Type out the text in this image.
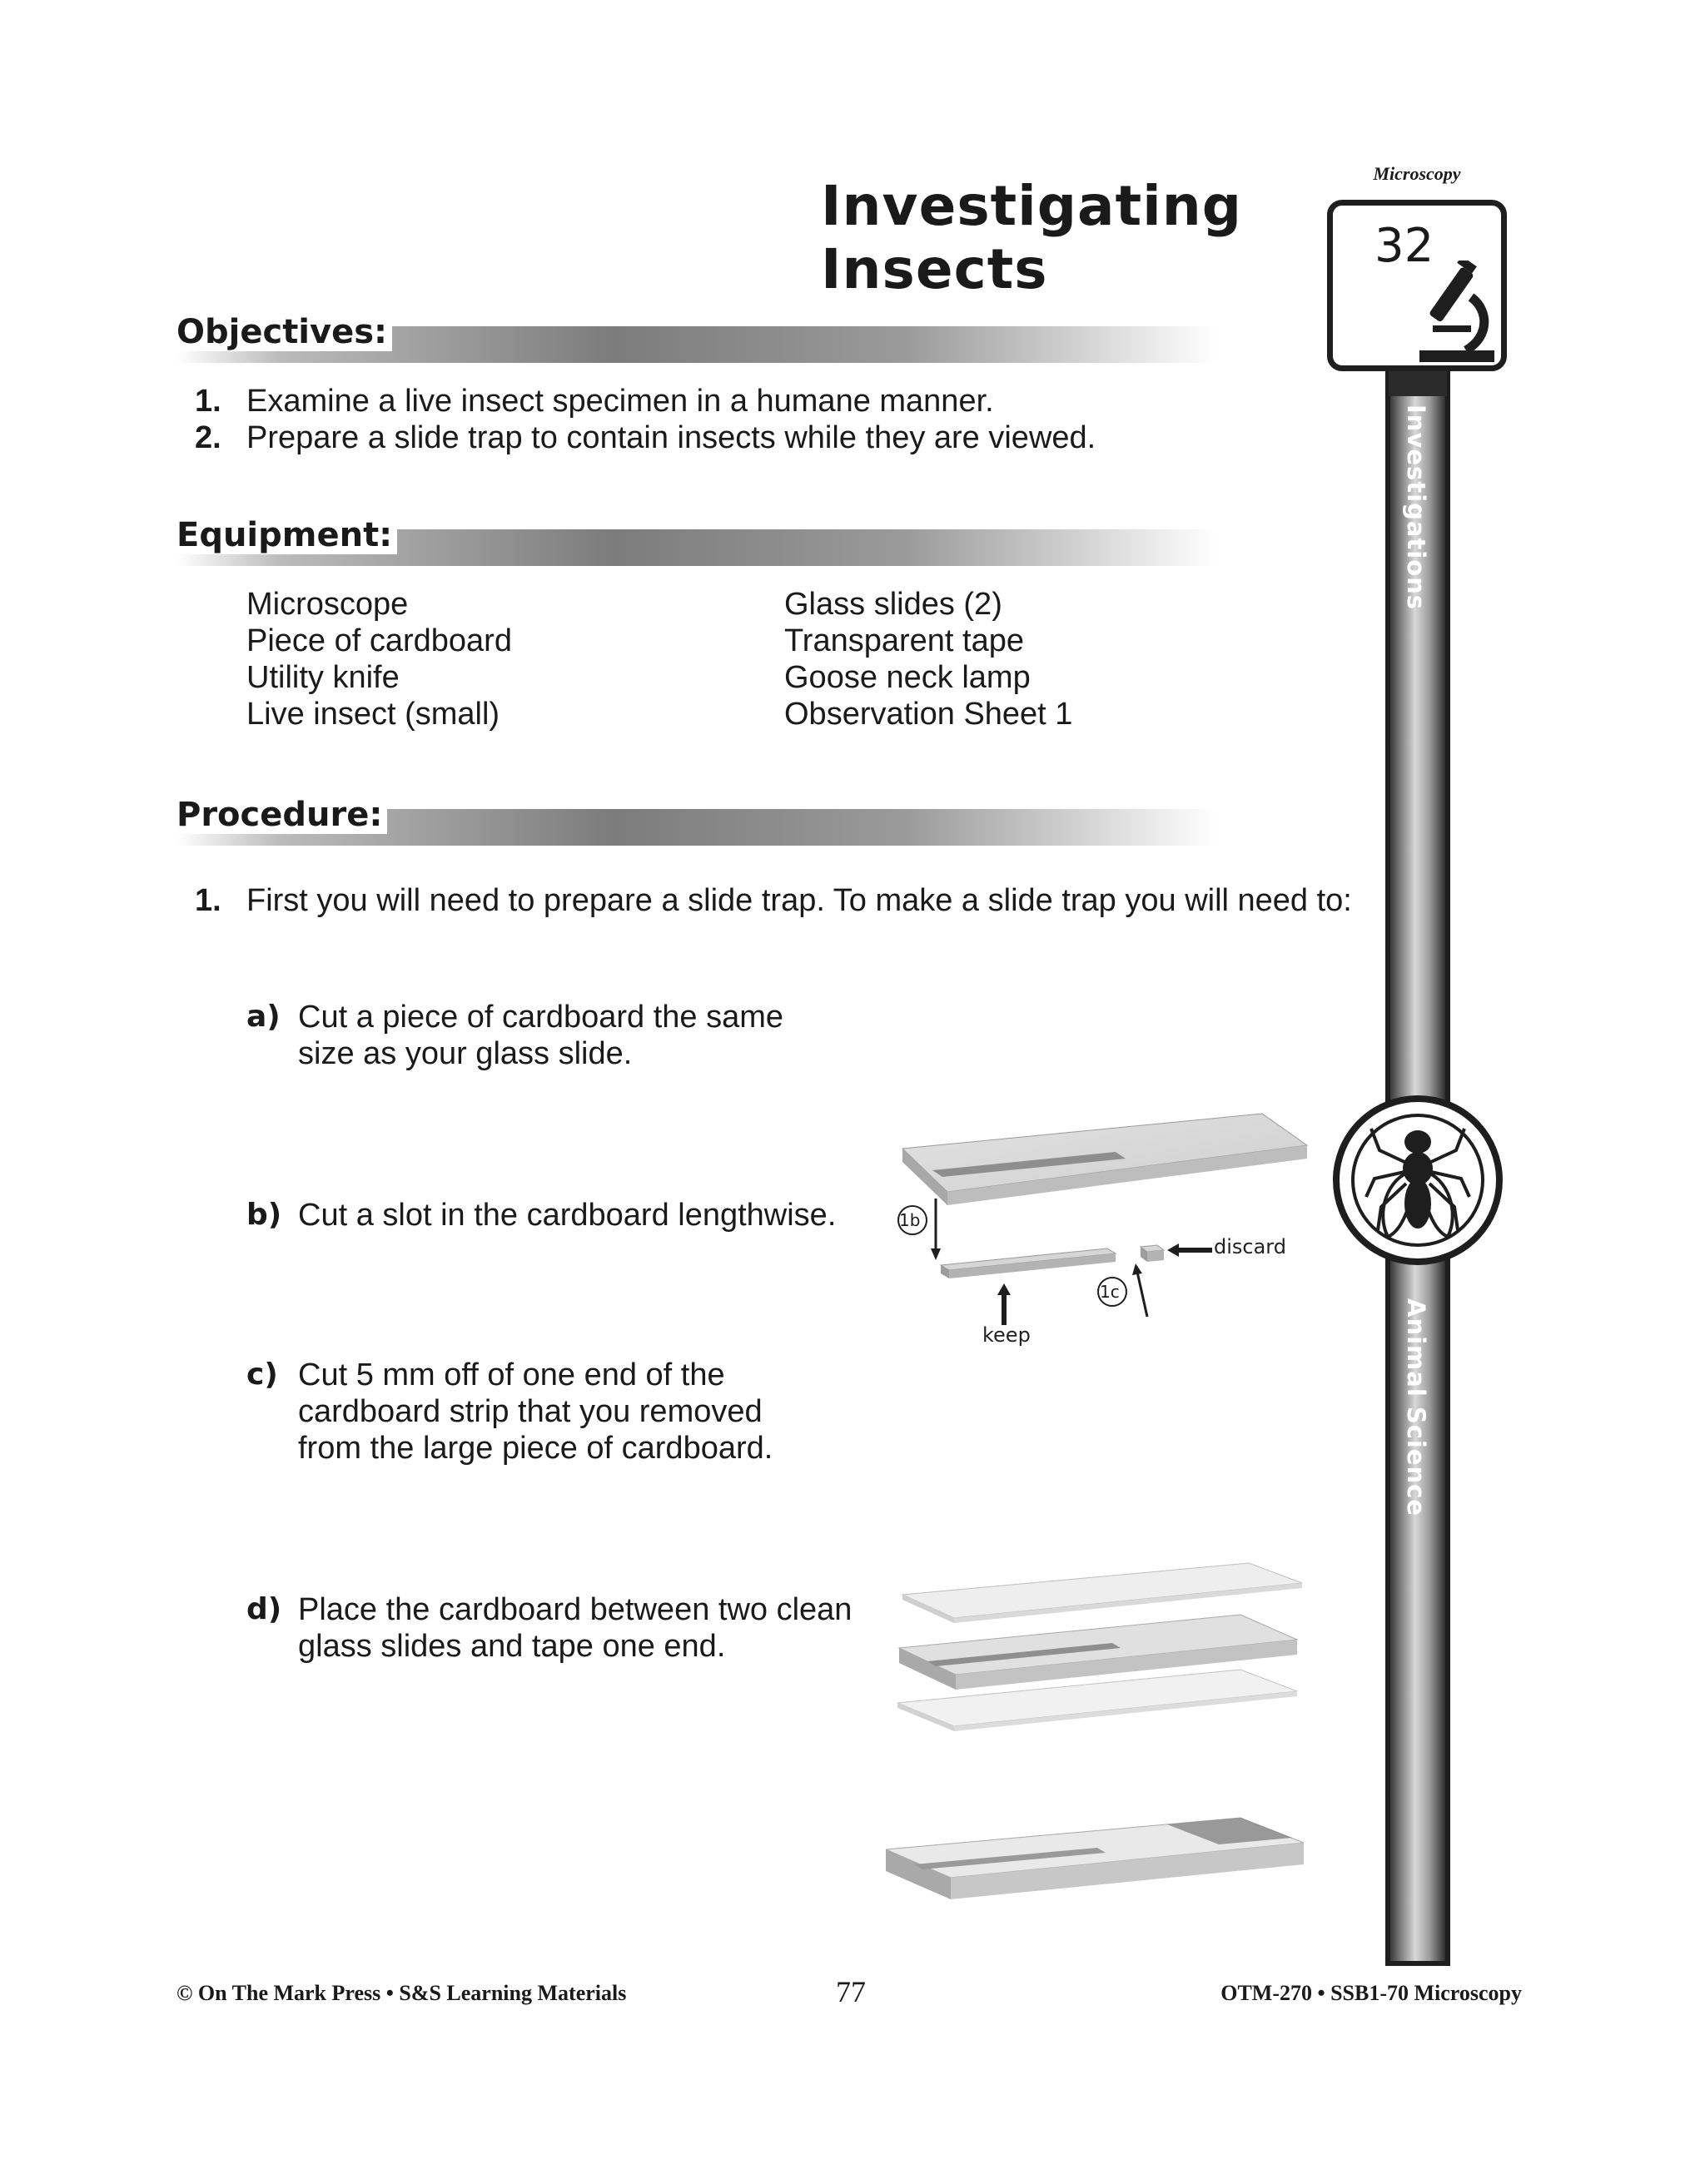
Microscopy
Investigating
Insects	32
Investigations
Animal Science
Objectives:
1. Examine a live insect specimen in a humane manner.
2. Prepare a slide trap to contain insects while they are viewed.
Equipment:
Microscope
Piece of cardboard
Utility knife
Live insect (small)
Glass slides (2)
Transparent tape
Goose neck lamp
Observation Sheet 1
Procedure:
1. First you will need to prepare a slide trap. To make a slide trap you will need to:
a) Cut a piece of cardboard the same size as your glass slide.
b) Cut a slot in the cardboard lengthwise.
c) Cut 5 mm off of one end of the cardboard strip that you removed from the large piece of cardboard.
d) Place the cardboard between two clean glass slides and tape one end.
1b
1c
discard
keep
© On The Mark Press • S&S Learning Materials	77	OTM-270 • SSB1-70 Microscopy
